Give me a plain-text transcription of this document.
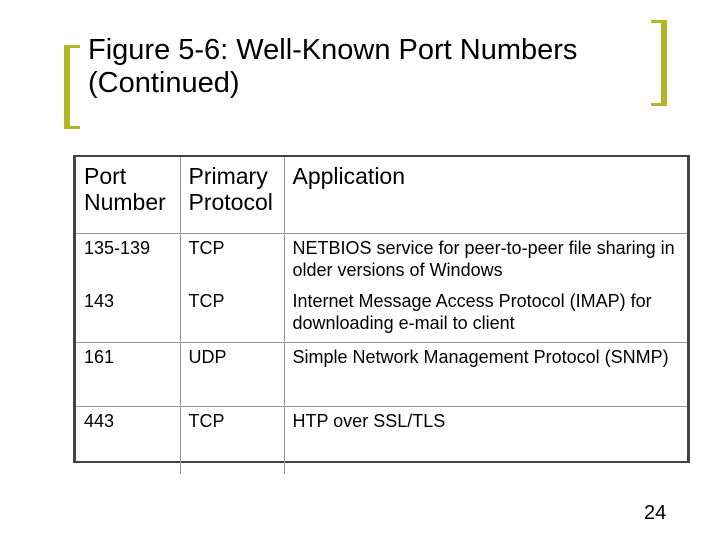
Figure 5-6: Well-Known Port Numbers (Continued)
Port Number	Primary Protocol	Application
135-139	TCP	NETBIOS service for peer-to-peer file sharing in older versions of Windows
143	TCP	Internet Message Access Protocol (IMAP) for downloading e-mail to client
161	UDP	Simple Network Management Protocol (SNMP)
443	TCP	HTP over SSL/TLS
24
